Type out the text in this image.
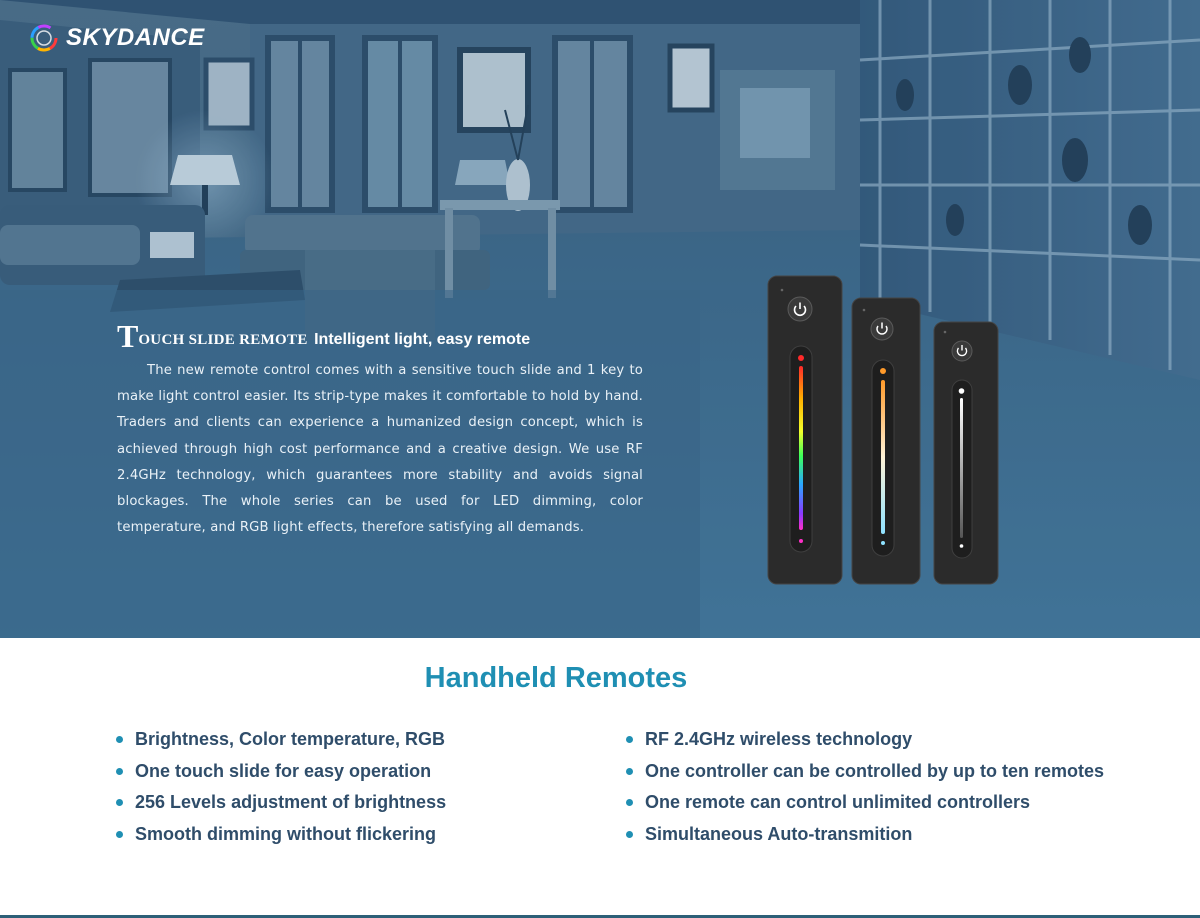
SKYDANCE
TOUCH SLIDE REMOTE Intelligent light, easy remote

The new remote control comes with a sensitive touch slide and 1 key to make light control easier. Its strip-type makes it comfortable to hold by hand. Traders and clients can experience a humanized design concept, which is achieved through high cost performance and a creative design. We use RF 2.4GHz technology, which guarantees more stability and avoids signal blockages. The whole series can be used for LED dimming, color temperature, and RGB light effects, therefore satisfying all demands.

Handheld Remotes
Brightness, Color temperature, RGB
One touch slide for easy operation
256 Levels adjustment of brightness
Smooth dimming without flickering
RF 2.4GHz wireless technology
One controller can be controlled by up to ten remotes
One remote can control unlimited controllers
Simultaneous Auto-transmition
